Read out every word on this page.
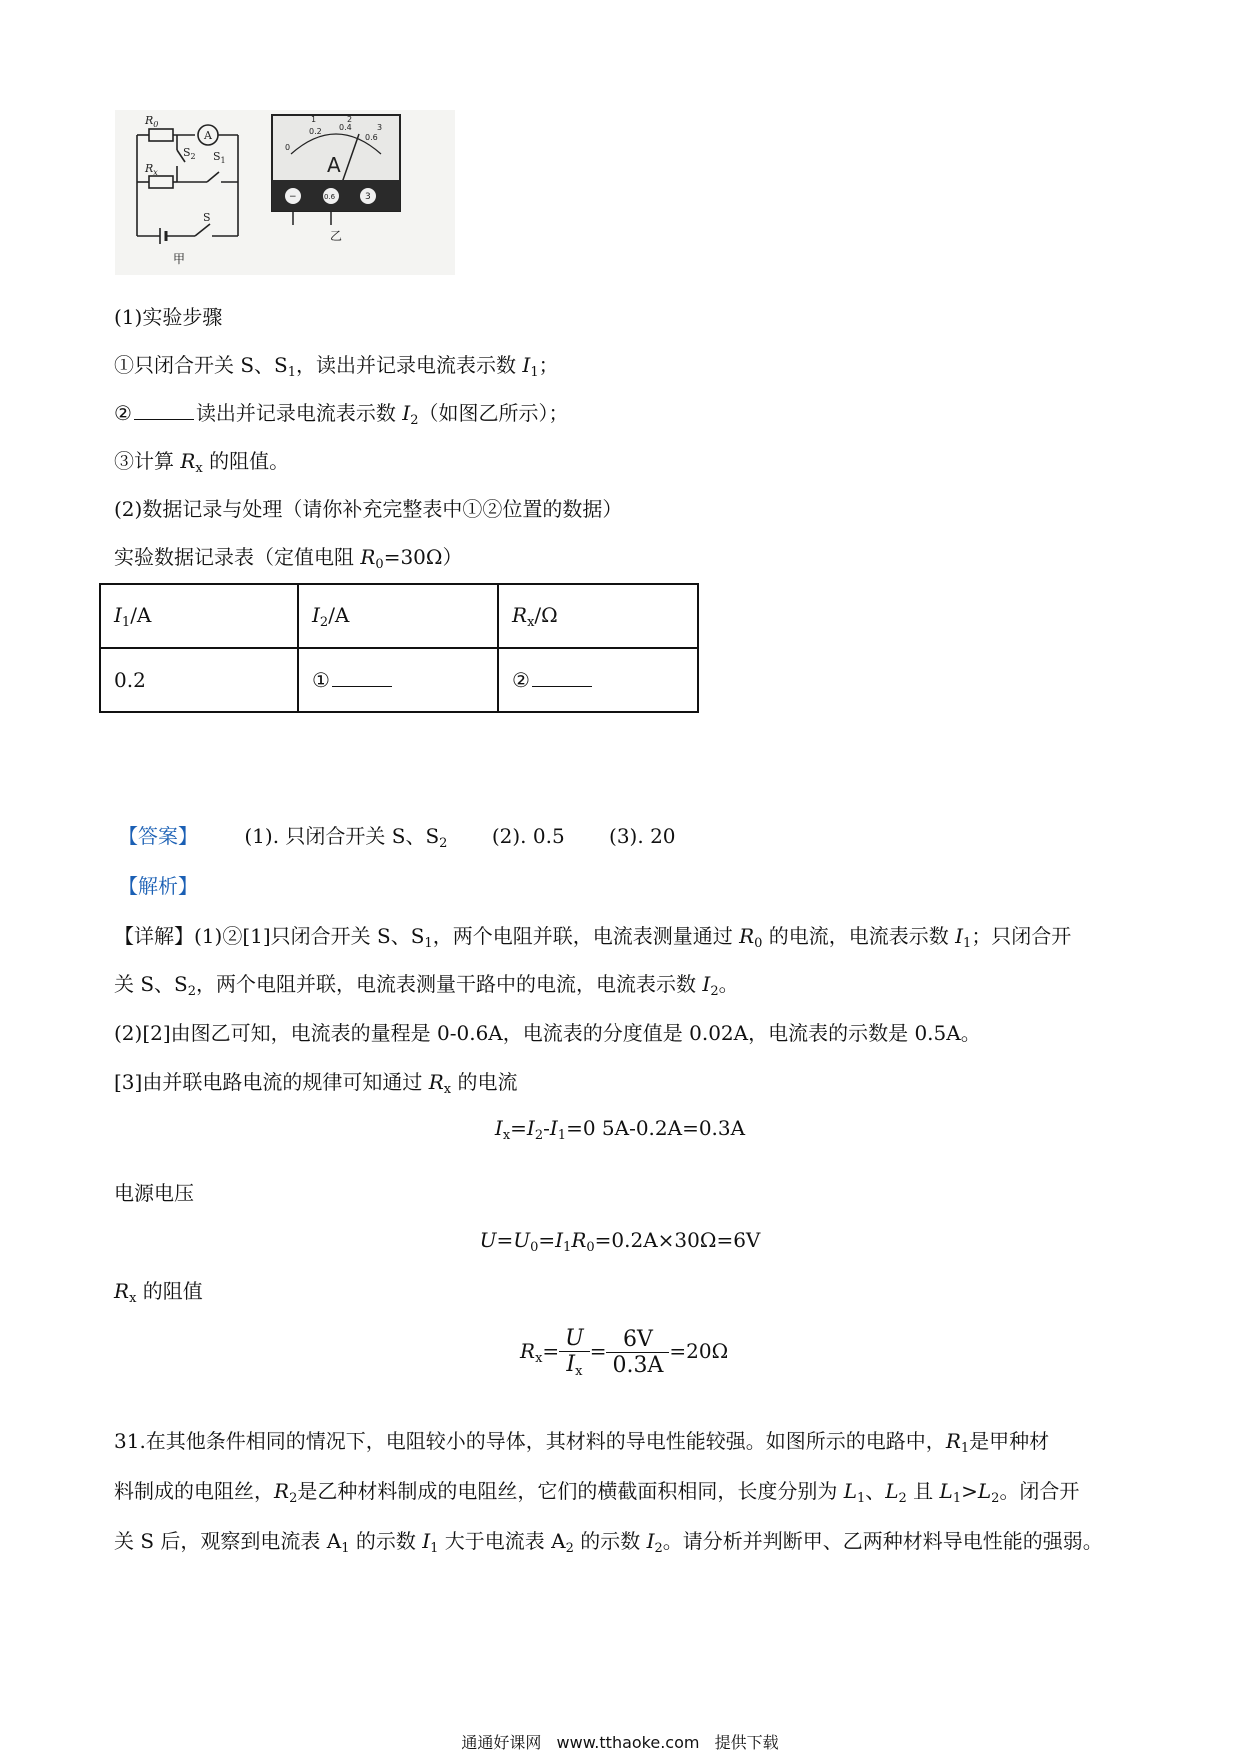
$R_0$
$R_x$
$S_2$ $S_1$
S
A
甲
0
0.2 0.4
0.6
1	2
3
A
−	0.6	3
乙
(1)实验步骤
①只闭合开关 S、$S_1$，读出并记录电流表示数 $I_1$；
②	读出并记录电流表示数 $I_2$（如图乙所示）；
③计算 $R_x$ 的阻值。
(2)数据记录与处理（请你补充完整表中①②位置的数据）
实验数据记录表（定值电阻 $R_0=30\Omega$）
$I_1/A$	$I_2/A$	$R_x/\Omega$
0.2	①	②
【答案】 (1). 只闭合开关 S、$S_2$ (2). 0.5 (3). 20
【解析】
【详解】(1)②[1]只闭合开关 S、$S_1$，两个电阻并联，电流表测量通过 $R_0$ 的电流，电流表示数 $I_1$；只闭合开
关 S、$S_2$，两个电阻并联，电流表测量干路中的电流，电流表示数 $I_2$。
(2)[2]由图乙可知，电流表的量程是 0-0.6A，电流表的分度值是 0.02A，电流表的示数是 0.5A。
[3]由并联电路电流的规律可知通过 $R_x$ 的电流
$I_x=I_2-I_1=0$ 5A-0.2A=0.3A
电源电压
$U=U_0=I_1R_0=0.2A\times 30\Omega=6V$
$R_x$ 的阻值
$R_x= \frac{U}{I_x} = \frac{6V}{0.3A} =20\Omega$
31.在其他条件相同的情况下，电阻较小的导体，其材料的导电性能较强。如图所示的电路中，$R_1$是甲种材
料制成的电阻丝，$R_2$是乙种材料制成的电阻丝，它们的横截面积相同，长度分别为 $L_1$、$L_2$ 且 $L_1>L_2$。闭合开
关 S 后，观察到电流表 $A_1$ 的示数 $I_1$ 大于电流表 $A_2$ 的示数 $I_2$。请分析并判断甲、乙两种材料导电性能的强弱。
通通好课网 www.tthaoke.com 提供下载
